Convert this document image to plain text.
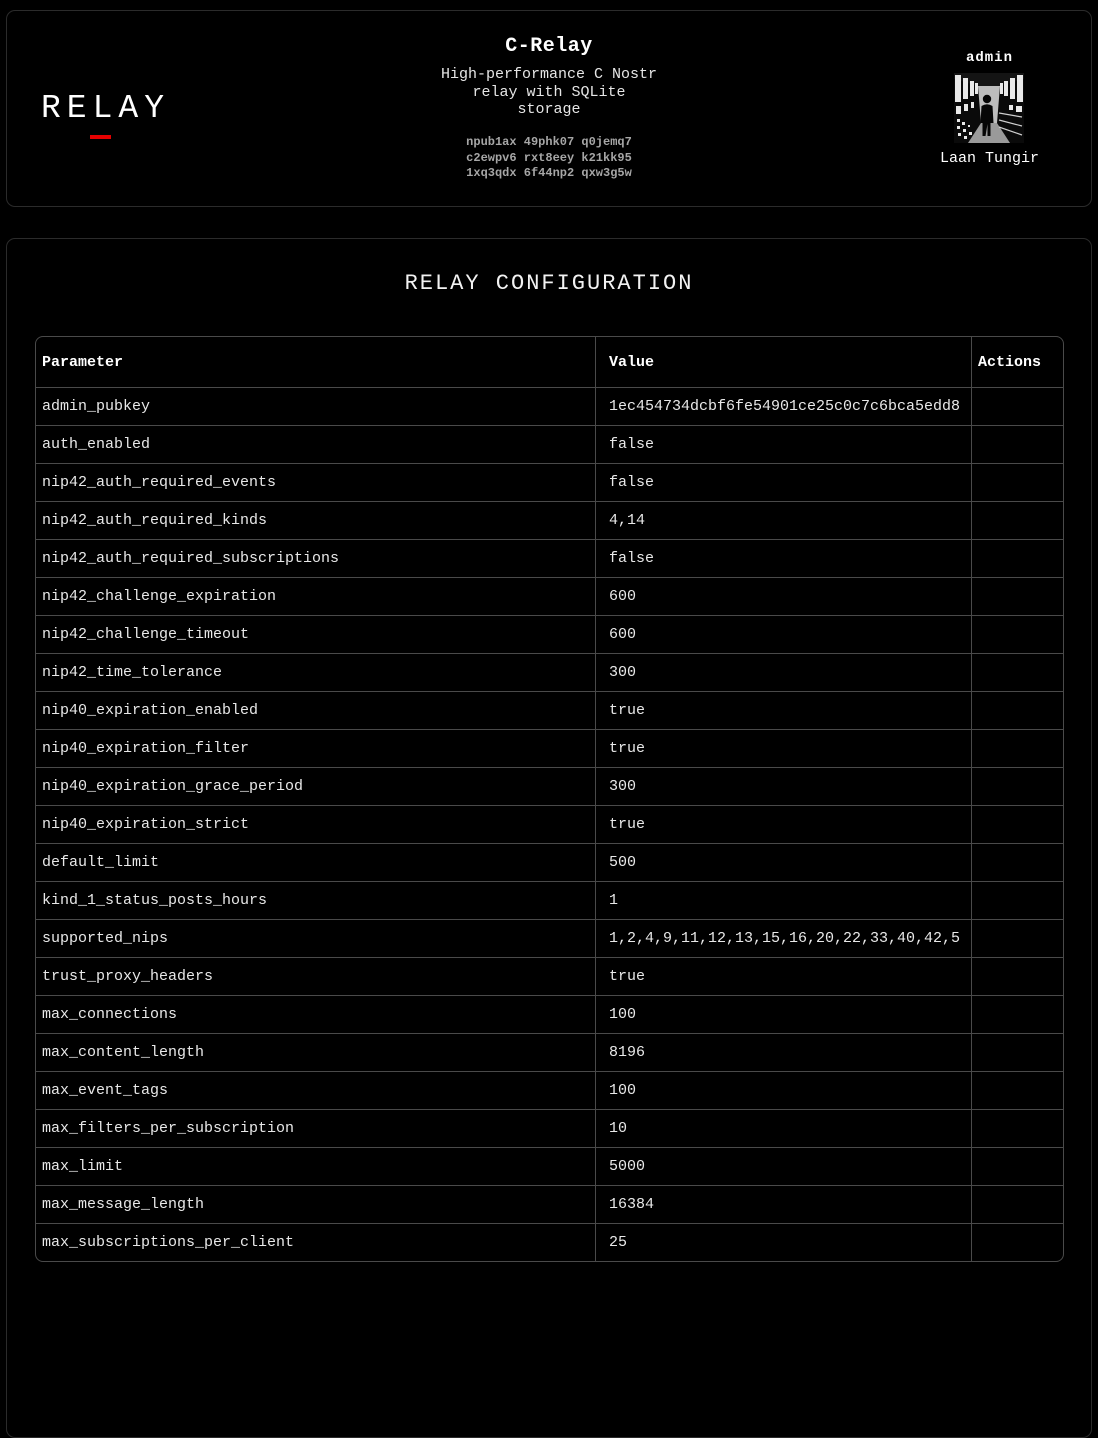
RELAY
C-Relay
High-performance C Nostr
relay with SQLite
storage
npub1ax 49phk07 q0jemq7
c2ewpv6 rxt8eey k21kk95
1xq3qdx 6f44np2 qxw3g5w
admin
Laan Tungir
RELAY CONFIGURATION
Parameter	Value	Actions
admin_pubkey	1ec454734dcbf6fe54901ce25c0c7c6bca5edd8
auth_enabled	false
nip42_auth_required_events	false
nip42_auth_required_kinds	4,14
nip42_auth_required_subscriptions	false
nip42_challenge_expiration	600
nip42_challenge_timeout	600
nip42_time_tolerance	300
nip40_expiration_enabled	true
nip40_expiration_filter	true
nip40_expiration_grace_period	300
nip40_expiration_strict	true
default_limit	500
kind_1_status_posts_hours	1
supported_nips	1,2,4,9,11,12,13,15,16,20,22,33,40,42,5
trust_proxy_headers	true
max_connections	100
max_content_length	8196
max_event_tags	100
max_filters_per_subscription	10
max_limit	5000
max_message_length	16384
max_subscriptions_per_client	25
